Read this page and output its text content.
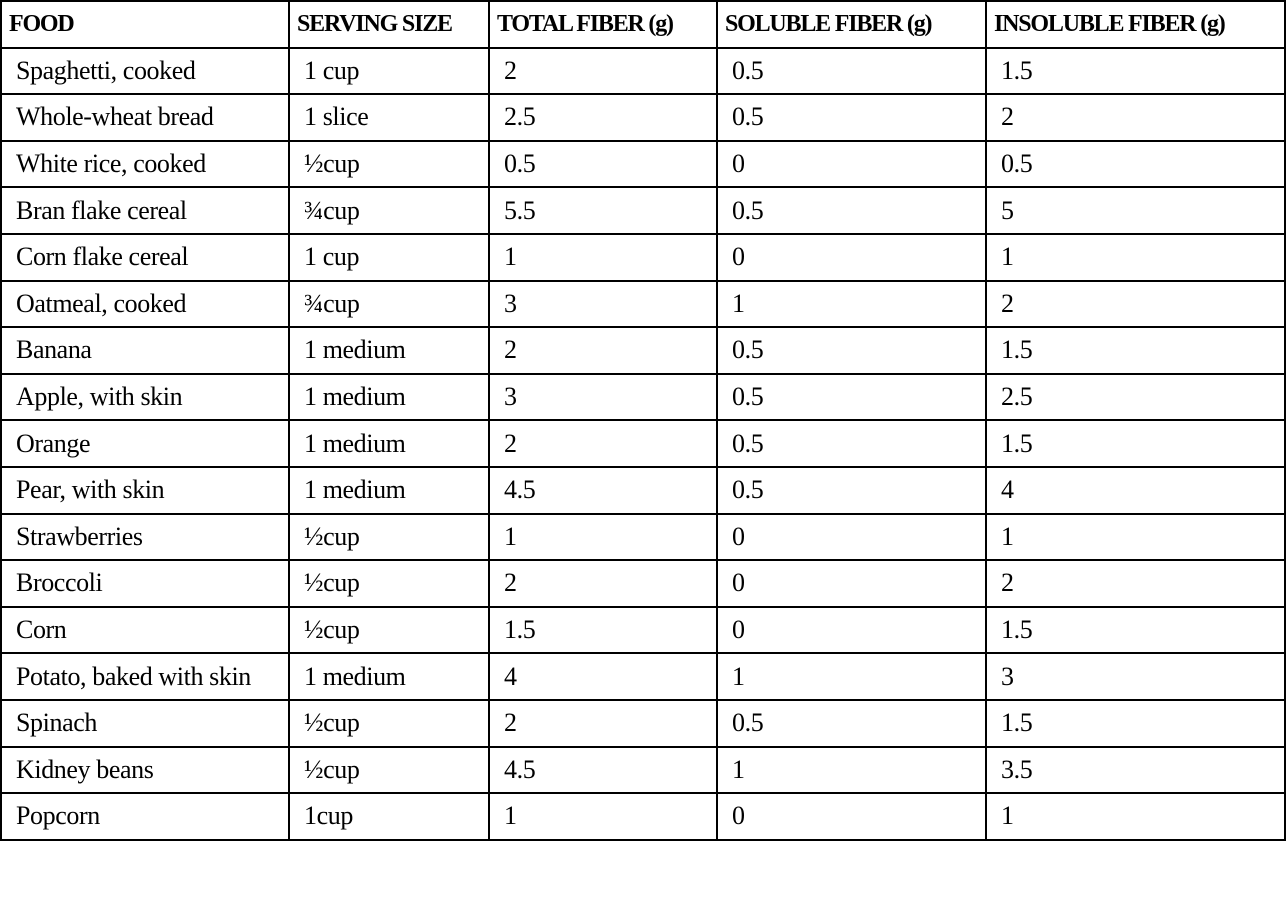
FOOD	SERVING SIZE	TOTAL FIBER (g)	SOLUBLE FIBER (g)	INSOLUBLE FIBER (g)
Spaghetti, cooked	1 cup	2	0.5	1.5
Whole-wheat bread	1 slice	2.5	0.5	2
White rice, cooked	½cup	0.5	0	0.5
Bran flake cereal	¾cup	5.5	0.5	5
Corn flake cereal	1 cup	1	0	1
Oatmeal, cooked	¾cup	3	1	2
Banana	1 medium	2	0.5	1.5
Apple, with skin	1 medium	3	0.5	2.5
Orange	1 medium	2	0.5	1.5
Pear, with skin	1 medium	4.5	0.5	4
Strawberries	½cup	1	0	1
Broccoli	½cup	2	0	2
Corn	½cup	1.5	0	1.5
Potato, baked with skin	1 medium	4	1	3
Spinach	½cup	2	0.5	1.5
Kidney beans	½cup	4.5	1	3.5
Popcorn	1cup	1	0	1
